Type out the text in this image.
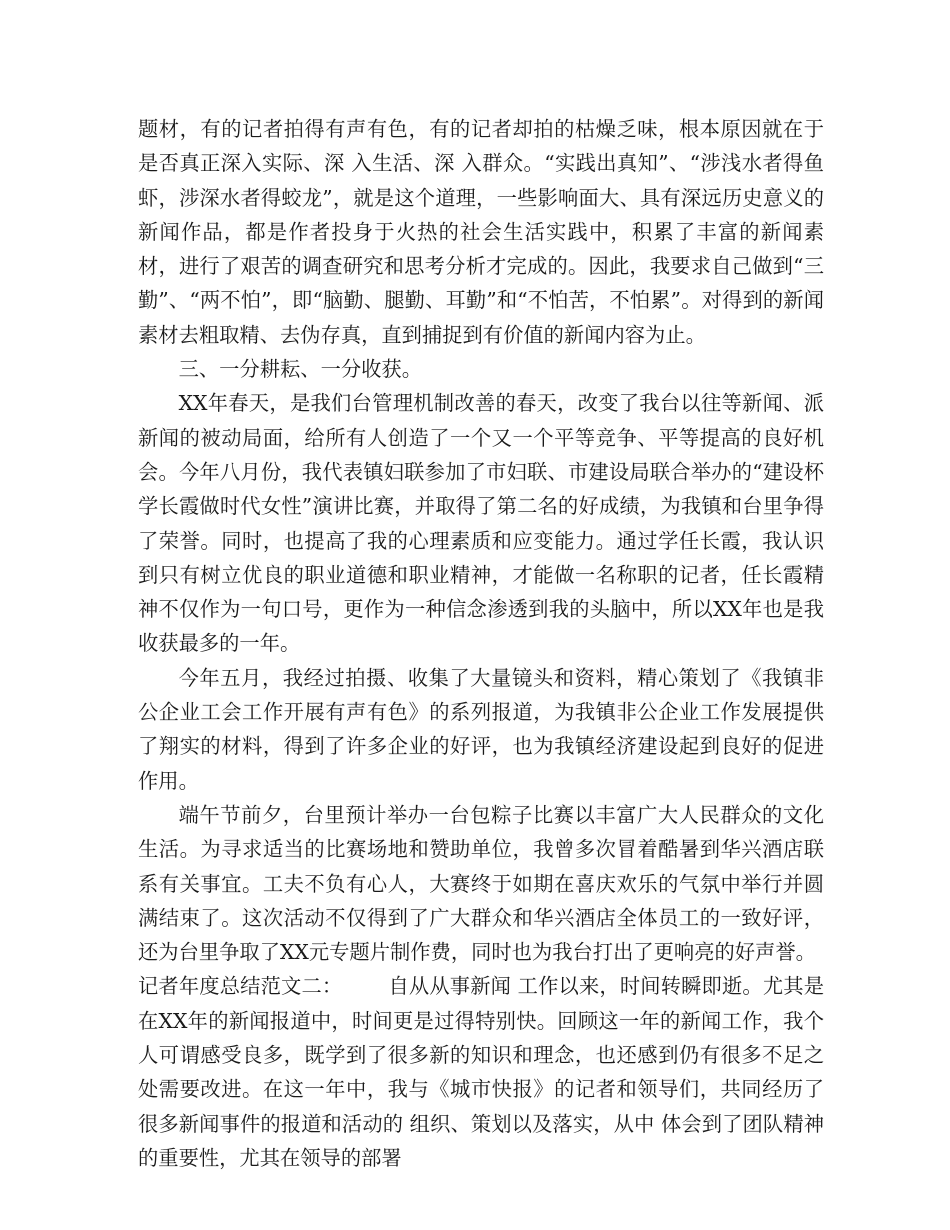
题材，有的记者拍得有声有色，有的记者却拍的枯燥乏味，根本原因就在于是否真正深入实际、深 入生活、深 入群众。“实践出真知”、“涉浅水者得鱼虾，涉深水者得蛟龙”，就是这个道理，一些影响面大、具有深远历史意义的新闻作品，都是作者投身于火热的社会生活实践中，积累了丰富的新闻素材，进行了艰苦的调查研究和思考分析才完成的。因此，我要求自己做到“三勤”、“两不怕”，即“脑勤、腿勤、耳勤”和“不怕苦，不怕累”。对得到的新闻素材去粗取精、去伪存真，直到捕捉到有价值的新闻内容为止。

三、一分耕耘、一分收获。

XX年春天，是我们台管理机制改善的春天，改变了我台以往等新闻、派新闻的被动局面，给所有人创造了一个又一个平等竞争、平等提高的良好机会。今年八月份，我代表镇妇联参加了市妇联、市建设局联合举办的“建设杯学长霞做时代女性”演讲比赛，并取得了第二名的好成绩，为我镇和台里争得了荣誉。同时，也提高了我的心理素质和应变能力。通过学任长霞，我认识到只有树立优良的职业道德和职业精神，才能做一名称职的记者，任长霞精神不仅作为一句口号，更作为一种信念渗透到我的头脑中，所以XX年也是我收获最多的一年。

今年五月，我经过拍摄、收集了大量镜头和资料，精心策划了《我镇非公企业工会工作开展有声有色》的系列报道，为我镇非公企业工作发展提供了翔实的材料，得到了许多企业的好评，也为我镇经济建设起到良好的促进作用。

端午节前夕，台里预计举办一台包粽子比赛以丰富广大人民群众的文化生活。为寻求适当的比赛场地和赞助单位，我曾多次冒着酷暑到华兴酒店联系有关事宜。工夫不负有心人，大赛终于如期在喜庆欢乐的气氛中举行并圆满结束了。这次活动不仅得到了广大群众和华兴酒店全体员工的一致好评，还为台里争取了XX元专题片制作费，同时也为我台打出了更响亮的好声誉。

记者年度总结范文二： 自从从事新闻 工作以来，时间转瞬即逝。尤其是在XX年的新闻报道中，时间更是过得特别快。回顾这一年的新闻工作，我个人可谓感受良多，既学到了很多新的知识和理念，也还感到仍有很多不足之处需要改进。在这一年中，我与《城市快报》的记者和领导们，共同经历了很多新闻事件的报道和活动的 组织、策划以及落实，从中 体会到了团队精神的重要性，尤其在领导的部署
